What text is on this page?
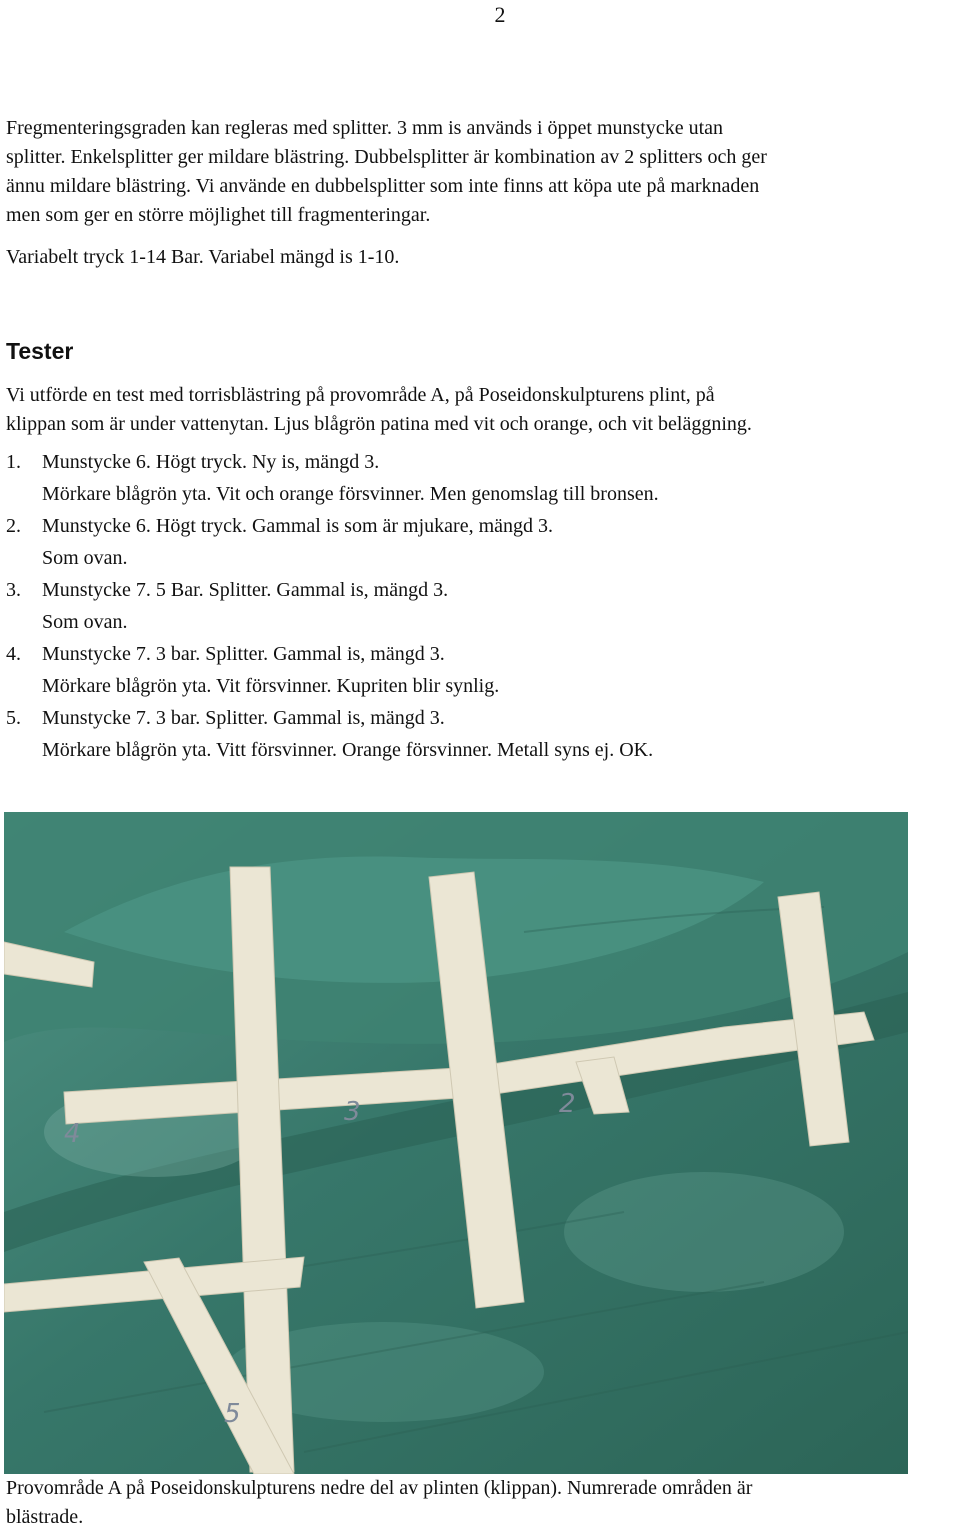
2

Fregmenteringsgraden kan regleras med splitter. 3 mm is används i öppet munstycke utan
splitter. Enkelsplitter ger mildare blästring. Dubbelsplitter är kombination av 2 splitters och ger
ännu mildare blästring. Vi använde en dubbelsplitter som inte finns att köpa ute på marknaden
men som ger en större möjlighet till fragmenteringar.

Variabelt tryck 1-14 Bar. Variabel mängd is 1-10.

Tester

Vi utförde en test med torrisblästring på provområde A, på Poseidonskulpturens plint, på
klippan som är under vattenytan. Ljus blågrön patina med vit och orange, och vit beläggning.

1. Munstycke 6. Högt tryck. Ny is, mängd 3.
Mörkare blågrön yta. Vit och orange försvinner. Men genomslag till bronsen.
2. Munstycke 6. Högt tryck. Gammal is som är mjukare, mängd 3.
Som ovan.
3. Munstycke 7. 5 Bar. Splitter. Gammal is, mängd 3.
Som ovan.
4. Munstycke 7. 3 bar. Splitter. Gammal is, mängd 3.
Mörkare blågrön yta. Vit försvinner. Kupriten blir synlig.
5. Munstycke 7. 3 bar. Splitter. Gammal is, mängd 3.
Mörkare blågrön yta. Vitt försvinner. Orange försvinner. Metall syns ej. OK.
2
3
4
5

Provområde A på Poseidonskulpturens nedre del av plinten (klippan). Numrerade områden är
blästrade.
